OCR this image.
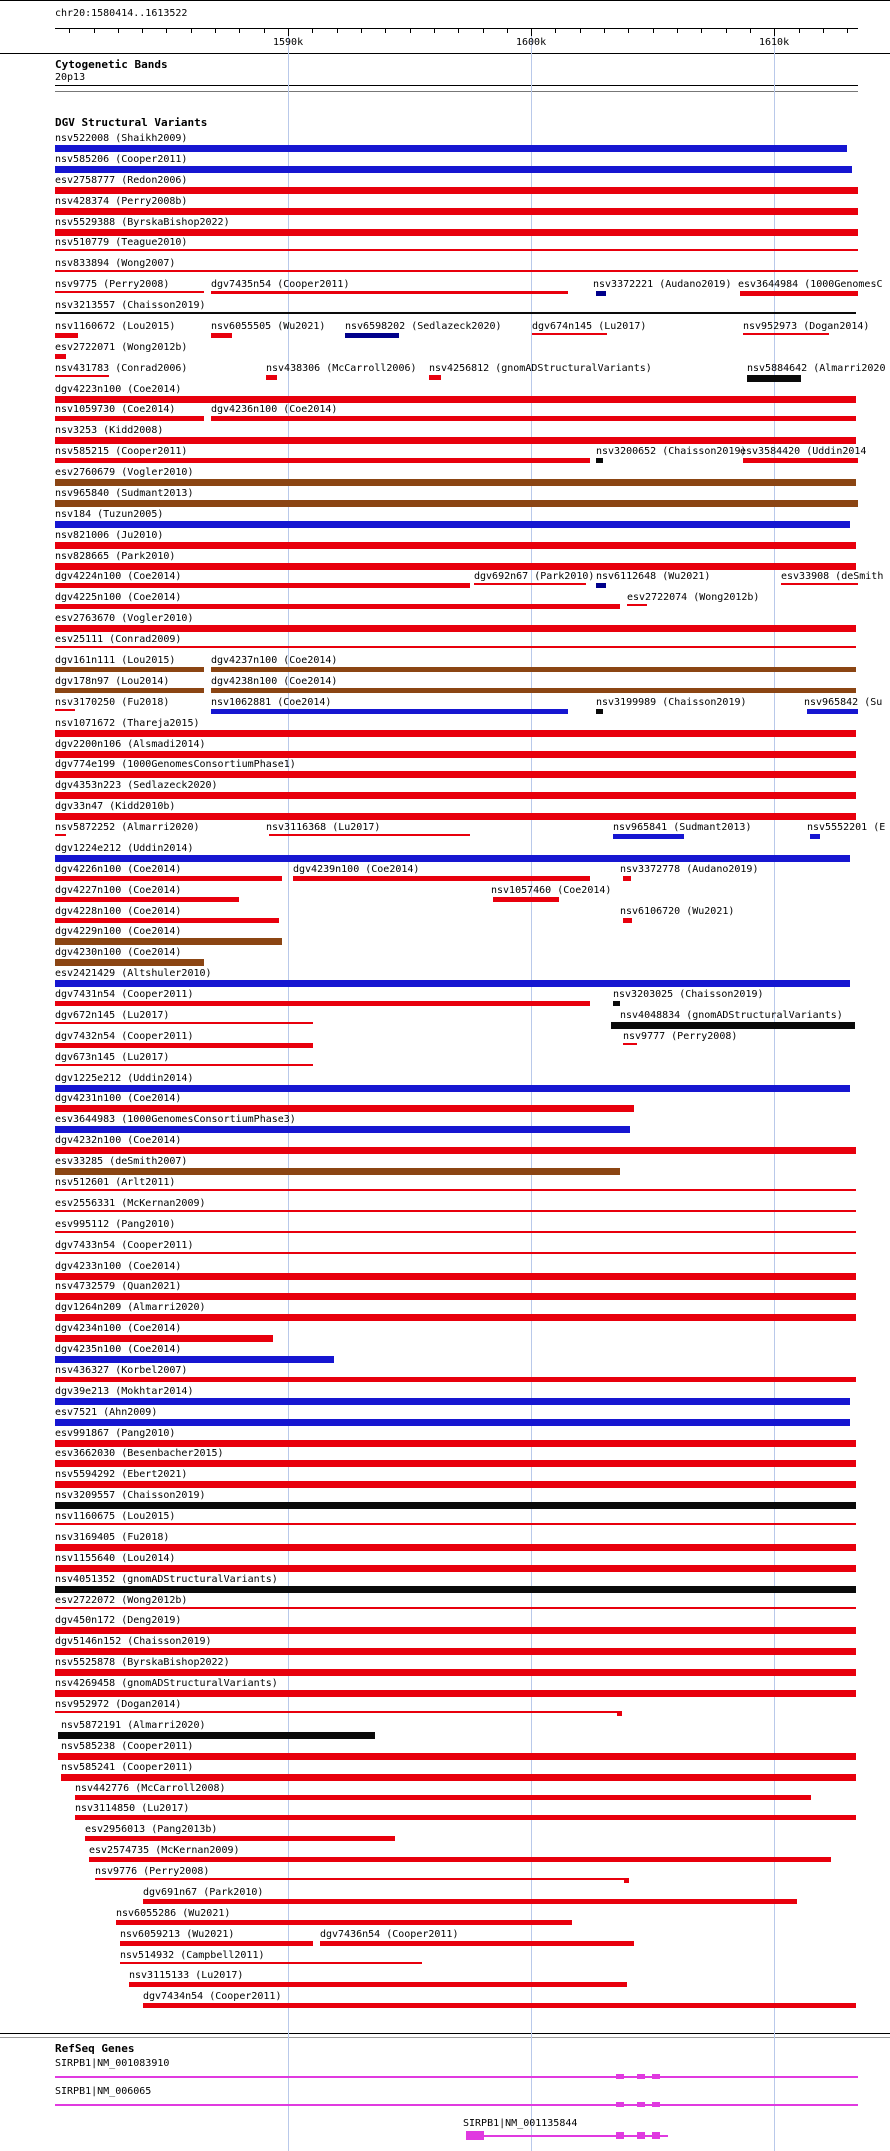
chr20:1580414..1613522
Cytogenetic Bands
20p13
DGV Structural Variants
RefSeq Genes
1590k	1600k	1610k
nsv522008 (Shaikh2009)
nsv585206 (Cooper2011)
esv2758777 (Redon2006)
nsv428374 (Perry2008b)
nsv5529388 (ByrskaBishop2022)
nsv510779 (Teague2010)
nsv833894 (Wong2007)
nsv9775 (Perry2008)	dgv7435n54 (Cooper2011)	nsv3372221 (Audano2019) esv3644984 (1000GenomesC
nsv3213557 (Chaisson2019)
nsv1160672 (Lou2015)	nsv6055505 (Wu2021) nsv6598202 (Sedlazeck2020)	dgv674n145 (Lu2017)	nsv952973 (Dogan2014)
esv2722071 (Wong2012b)
nsv431783 (Conrad2006)	nsv438306 (McCarroll2006) nsv4256812 (gnomADStructuralVariants)	nsv5884642 (Almarri2020
dgv4223n100 (Coe2014)
nsv1059730 (Coe2014)	dgv4236n100 (Coe2014)
nsv3253 (Kidd2008)
nsv585215 (Cooper2011)	nsv3200652 (Chaisson2019)
esv3584420 (Uddin2014
esv2760679 (Vogler2010)
nsv965840 (Sudmant2013)
nsv184 (Tuzun2005)
nsv821006 (Ju2010)
nsv828665 (Park2010)
dgv4224n100 (Coe2014)	dgv692n67 (Park2010) nsv6112648 (Wu2021)	esv33908 (deSmith
dgv4225n100 (Coe2014)	esv2722074 (Wong2012b)
esv2763670 (Vogler2010)
esv25111 (Conrad2009)
dgv161n111 (Lou2015)	dgv4237n100 (Coe2014)
dgv178n97 (Lou2014)	dgv4238n100 (Coe2014)
nsv3170250 (Fu2018)	nsv1062881 (Coe2014)	nsv3199989 (Chaisson2019)	nsv965842 (Su
nsv1071672 (Thareja2015)
dgv2200n106 (Alsmadi2014)
dgv774e199 (1000GenomesConsortiumPhase1)
dgv4353n223 (Sedlazeck2020)
dgv33n47 (Kidd2010b)
nsv5872252 (Almarri2020)	nsv3116368 (Lu2017)	nsv965841 (Sudmant2013)	nsv5552201 (E
dgv1224e212 (Uddin2014)
dgv4226n100 (Coe2014)	dgv4239n100 (Coe2014)	nsv3372778 (Audano2019)
dgv4227n100 (Coe2014)	nsv1057460 (Coe2014)
dgv4228n100 (Coe2014)	nsv6106720 (Wu2021)
dgv4229n100 (Coe2014)
dgv4230n100 (Coe2014)
esv2421429 (Altshuler2010)
dgv7431n54 (Cooper2011)	nsv3203025 (Chaisson2019)
dgv672n145 (Lu2017)	nsv4048834 (gnomADStructuralVariants)
dgv7432n54 (Cooper2011)	nsv9777 (Perry2008)
dgv673n145 (Lu2017)
dgv1225e212 (Uddin2014)
dgv4231n100 (Coe2014)
esv3644983 (1000GenomesConsortiumPhase3)
dgv4232n100 (Coe2014)
esv33285 (deSmith2007)
nsv512601 (Arlt2011)
esv2556331 (McKernan2009)
esv995112 (Pang2010)
dgv7433n54 (Cooper2011)
dgv4233n100 (Coe2014)
nsv4732579 (Quan2021)
dgv1264n209 (Almarri2020)
dgv4234n100 (Coe2014)
dgv4235n100 (Coe2014)
nsv436327 (Korbel2007)
dgv39e213 (Mokhtar2014)
esv7521 (Ahn2009)
esv991867 (Pang2010)
esv3662030 (Besenbacher2015)
nsv5594292 (Ebert2021)
nsv3209557 (Chaisson2019)
nsv1160675 (Lou2015)
nsv3169405 (Fu2018)
nsv1155640 (Lou2014)
nsv4051352 (gnomADStructuralVariants)
esv2722072 (Wong2012b)
dgv450n172 (Deng2019)
dgv5146n152 (Chaisson2019)
nsv5525878 (ByrskaBishop2022)
nsv4269458 (gnomADStructuralVariants)
nsv952972 (Dogan2014)
nsv5872191 (Almarri2020)
nsv585238 (Cooper2011)
nsv585241 (Cooper2011)
nsv442776 (McCarroll2008)
nsv3114850 (Lu2017)
esv2956013 (Pang2013b)
esv2574735 (McKernan2009)
nsv9776 (Perry2008)
dgv691n67 (Park2010)
nsv6055286 (Wu2021)
nsv6059213 (Wu2021)	dgv7436n54 (Cooper2011)
nsv514932 (Campbell2011)
nsv3115133 (Lu2017)
dgv7434n54 (Cooper2011)
SIRPB1|NM_001083910
SIRPB1|NM_006065
SIRPB1|NM_001135844
